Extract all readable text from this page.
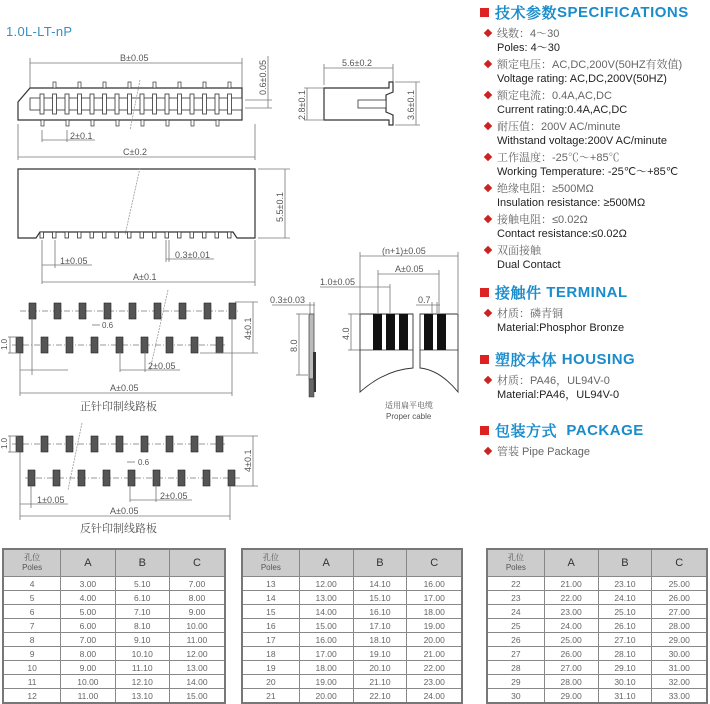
1.0L-LT-nP
B±0.05
0.6±0.05
2±0.1
C±0.2
5.6±0.2
2.8±0.1	3.6±0.1
5.5±0.1
1±0.05
0.3±0.01
A±0.1
0.6	4±0.1
1.0
2±0.05
A±0.05
正针印制线路板
0.6	4±0.1
1.0
1±0.05	2±0.05
A±0.05
反针印制线路板
0.3±0.03
8.0
(n+1)±0.05
A±0.05
1.0±0.05
0.7
4.0
适用扁平电缆
Proper cable
技术参数 SPECIFICATIONS
线数：4～30
Poles: 4～30
额定电压：AC,DC,200V(50HZ有效值)
Voltage rating: AC,DC,200V(50HZ)
额定电流：0.4A,AC,DC
Current rating:0.4A,AC,DC
耐压值：200V AC/minute
Withstand voltage:200V AC/minute
工作温度：-25℃～+85℃
Working Temperature: -25℃～+85℃
绝缘电阻：≥500MΩ
Insulation resistance: ≥500MΩ
接触电阻：≤0.02Ω
Contact resistance:≤0.02Ω
双面接触
Dual Contact
接触件
TERMINAL
材质：磷青铜
Material:Phosphor Bronze
塑胶本体
HOUSING
材质：PA46，UL94V-0
Material:PA46，UL94V-0
包装方式
PACKAGE
管装 Pipe Package
孔位
Poles	A	B	C
4	3.00	5.10	7.00
5	4.00	6.10	8.00
6	5.00	7.10	9.00
7	6.00	8.10	10.00
8	7.00	9.10	11.00
9	8.00	10.10	12.00
10	9.00	11.10	13.00
11	10.00	12.10	14.00
12	11.00	13.10	15.00
孔位
Poles	A	B	C
13	12.00	14.10	16.00
14	13.00	15.10	17.00
15	14.00	16.10	18.00
16	15.00	17.10	19.00
17	16.00	18.10	20.00
18	17.00	19.10	21.00
19	18.00	20.10	22.00
20	19.00	21.10	23.00
21	20.00	22.10	24.00
孔位
Poles	A	B	C
22	21.00	23.10	25.00
23	22.00	24.10	26.00
24	23.00	25.10	27.00
25	24.00	26.10	28.00
26	25.00	27.10	29.00
27	26.00	28.10	30.00
28	27.00	29.10	31.00
29	28.00	30.10	32.00
30	29.00	31.10	33.00
